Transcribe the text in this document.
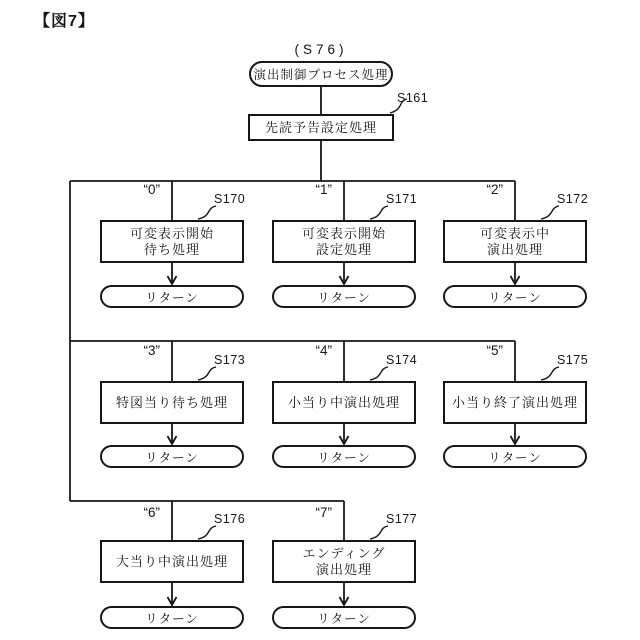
【図7】
(S76)
演出制御プロセス処理
S161
先読予告設定処理
“0”
S170
可変表示開始
待ち処理
リターン
“1”
S171
可変表示開始
設定処理
リターン
“2”
S172
可変表示中
演出処理
リターン
“3”
S173
特図当り待ち処理
リターン
“4”
S174
小当り中演出処理
リターン
“5”
S175
小当り終了演出処理
リターン
“6”	S176
大当り中演出処理
リターン
“7”	S177
エンディング
演出処理
リターン
